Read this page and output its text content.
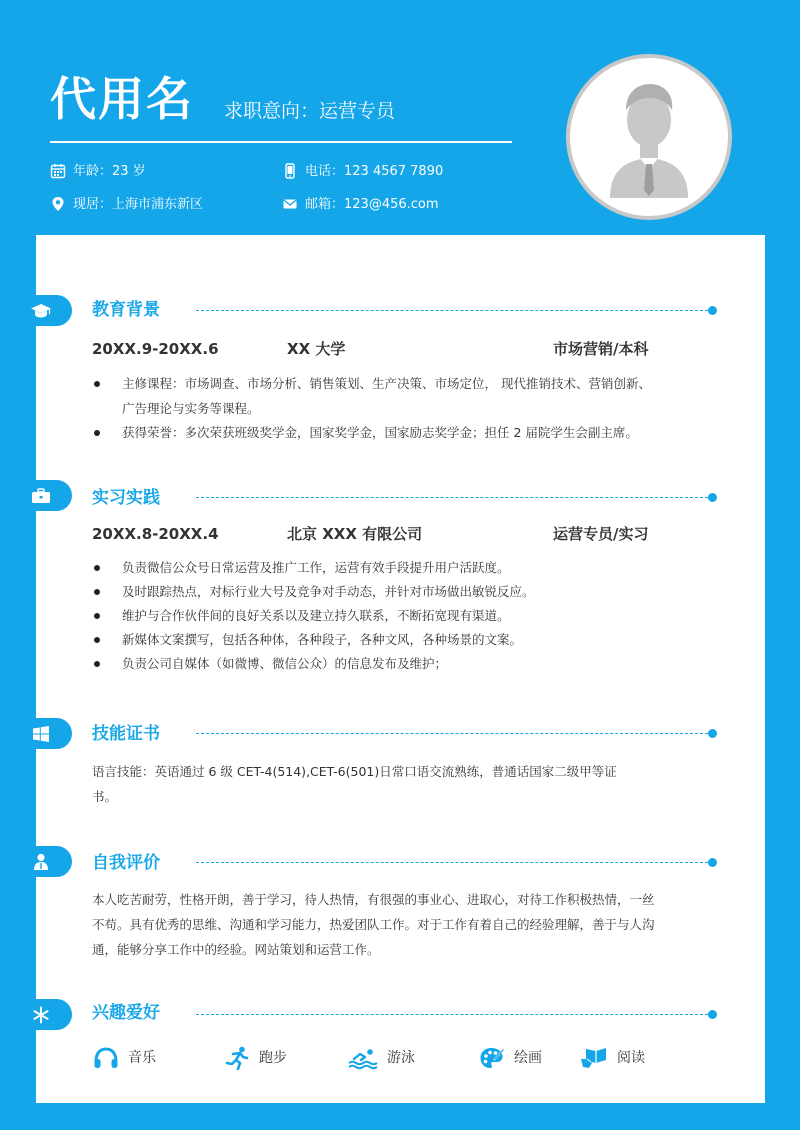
代用名 求职意向：运营专员
年龄：23 岁	电话：123 4567 7890
现居：上海市浦东新区	邮箱：123@456.com
教育背景
20XX.9-20XX.6	XX 大学	市场营销/本科
主修课程：市场调查、市场分析、销售策划、生产决策、市场定位， 现代推销技术、营销创新、
广告理论与实务等课程。
获得荣誉：多次荣获班级奖学金，国家奖学金，国家励志奖学金；担任 2 届院学生会副主席。
实习实践
20XX.8-20XX.4	北京 XXX 有限公司	运营专员/实习
负责微信公众号日常运营及推广工作，运营有效手段提升用户活跃度。
及时跟踪热点，对标行业大号及竞争对手动态，并针对市场做出敏锐反应。
维护与合作伙伴间的良好关系以及建立持久联系，不断拓宽现有渠道。
新媒体文案撰写，包括各种体，各种段子，各种文风，各种场景的文案。
负责公司自媒体（如微博、微信公众）的信息发布及维护；
技能证书
语言技能：英语通过 6 级 CET-4(514),CET-6(501)日常口语交流熟练，普通话国家二级甲等证
书。
自我评价
本人吃苦耐劳，性格开朗，善于学习，待人热情，有很强的事业心、进取心，对待工作积极热情，一丝
不苟。具有优秀的思维、沟通和学习能力，热爱团队工作。对于工作有着自己的经验理解，善于与人沟
通，能够分享工作中的经验。网站策划和运营工作。
兴趣爱好
音乐	跑步	游泳	绘画	阅读
